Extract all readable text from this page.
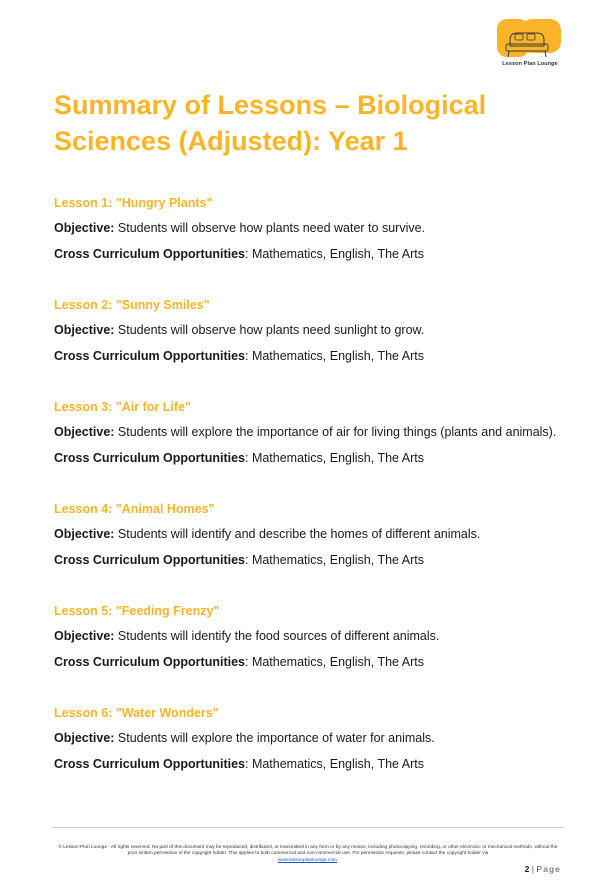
Lesson Plan Lounge
Summary of Lessons – Biological Sciences (Adjusted): Year 1
Lesson 1: "Hungry Plants"
Objective: Students will observe how plants need water to survive.
Cross Curriculum Opportunities: Mathematics, English, The Arts
Lesson 2: "Sunny Smiles"
Objective: Students will observe how plants need sunlight to grow.
Cross Curriculum Opportunities: Mathematics, English, The Arts
Lesson 3: "Air for Life"
Objective: Students will explore the importance of air for living things (plants and animals).
Cross Curriculum Opportunities: Mathematics, English, The Arts
Lesson 4: "Animal Homes"
Objective: Students will identify and describe the homes of different animals.
Cross Curriculum Opportunities: Mathematics, English, The Arts
Lesson 5: "Feeding Frenzy"
Objective: Students will identify the food sources of different animals.
Cross Curriculum Opportunities: Mathematics, English, The Arts
Lesson 6: "Water Wonders"
Objective: Students will explore the importance of water for animals.
Cross Curriculum Opportunities: Mathematics, English, The Arts
© Lesson Plan Lounge - All rights reserved. No part of this document may be reproduced, distributed, or transmitted in any form or by any means, including photocopying, recording, or other electronic or mechanical methods, without the prior written permission of the copyright holder. This applies to both commercial and non-commercial use. For permission requests, please contact the copyright holder via
www.lessonplanlounge.com.
2 | Page
